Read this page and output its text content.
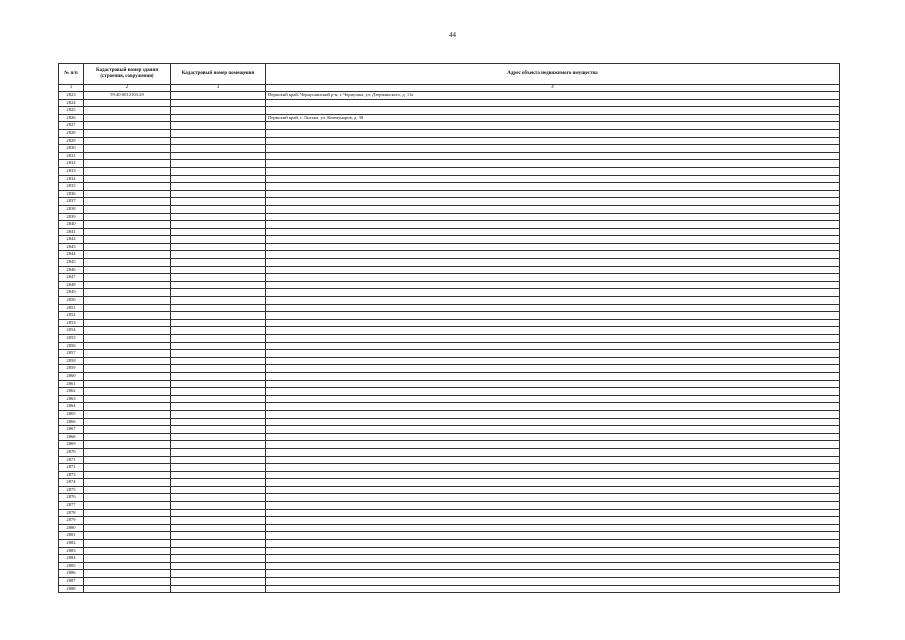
44
№ п/п	Кадастровый номер здания (строения, сооружения)	Кадастровый номер помещения	Адрес объекта недвижимого имущества
1	2	3	4
2823	59:40:0012103:29		Пермский край, Чернушинский р-н, г. Чернушка, ул. Дзержинского, д. 11а
2824			
2825			
2826			Пермский край, г. Лысьва, ул. Коммунаров, д. 38
2827			
2828			
2829			
2830			
2831			
2832			
2833			
2834			
2835			
2836			
2837			
2838			
2839			
2840			
2841			
2842			
2843			
2844			
2845			
2846			
2847			
2848			
2849			
2850			
2851			
2852			
2853			
2854			
2855			
2856			
2857			
2858			
2859			
2860			
2861			
2862			
2863			
2864			
2865			
2866			
2867			
2868			
2869			
2870			
2871			
2872			
2873			
2874			
2875			
2876			
2877			
2878			
2879			
2880			
2881			
2882			
2883			
2884			
2885			
2886			
2887			
2888			
